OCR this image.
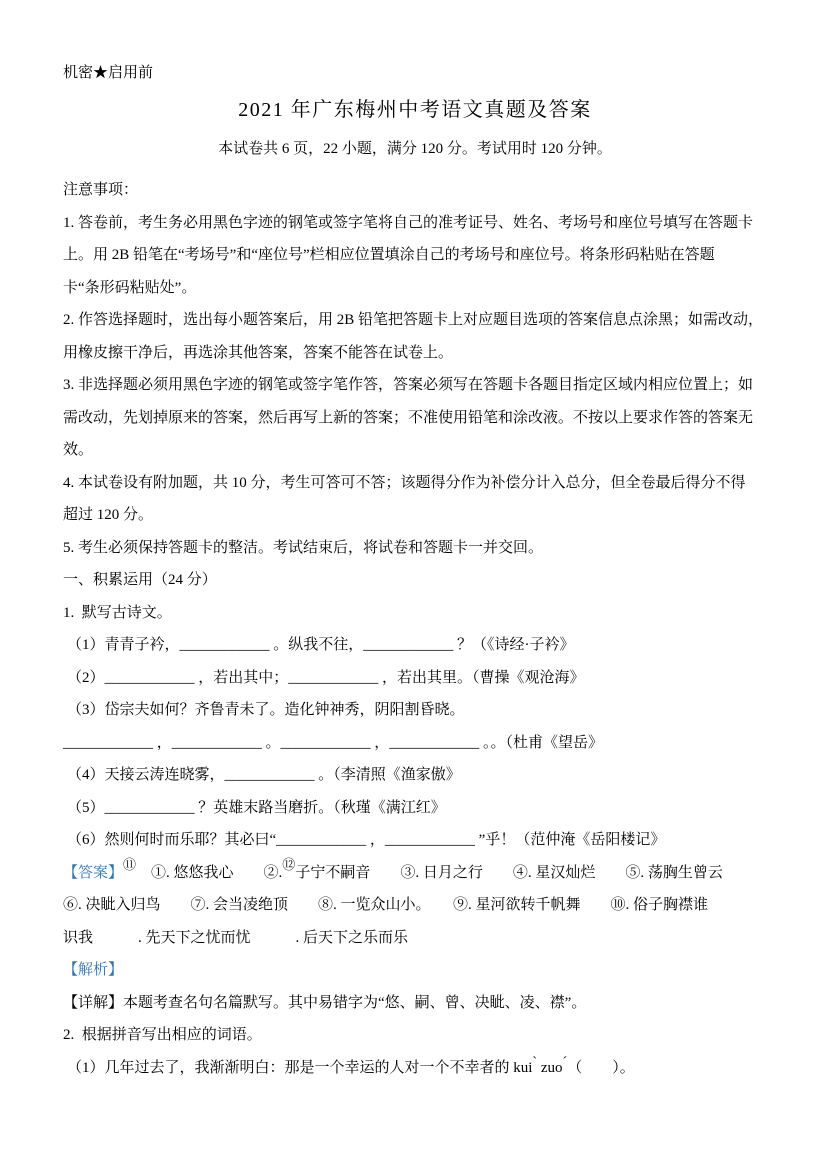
机密★启用前
2021 年广东梅州中考语文真题及答案
本试卷共 6 页，22 小题，满分 120 分。考试用时 120 分钟。
注意事项：
1. 答卷前，考生务必用黑色字迹的钢笔或签字笔将自己的准考证号、姓名、考场号和座位号填写在答题卡
上。用 2B 铅笔在“考场号”和“座位号”栏相应位置填涂自己的考场号和座位号。将条形码粘贴在答题
卡“条形码粘贴处”。
2. 作答选择题时，选出每小题答案后，用 2B 铅笔把答题卡上对应题目选项的答案信息点涂黑；如需改动，
用橡皮擦干净后，再选涂其他答案，答案不能答在试卷上。
3. 非选择题必须用黑色字迹的钢笔或签字笔作答，答案必须写在答题卡各题目指定区域内相应位置上；如
需改动，先划掉原来的答案，然后再写上新的答案；不准使用铅笔和涂改液。不按以上要求作答的答案无
效。
4. 本试卷设有附加题，共 10 分，考生可答可不答；该题得分作为补偿分计入总分，但全卷最后得分不得
超过 120 分。
5. 考生必须保持答题卡的整洁。考试结束后，将试卷和答题卡一并交回。
一、积累运用（24 分）
1.  默写古诗文。
（1）青青子衿，____________ 。纵我不往，____________ ？（《诗经·子衿》
（2）____________ ，若出其中；____________ ，若出其里。（曹操《观沧海》
（3）岱宗夫如何？齐鲁青未了。造化钟神秀，阴阳割昏晓。
____________ ，____________ 。____________ ，____________ 。。（杜甫《望岳》
（4）天接云涛连晓雾，____________ 。（李清照《渔家傲》
（5）____________ ？英雄末路当磨折。（秋瑾《满江红》
（6）然则何时而乐耶？其必曰“____________ ，____________ ”乎！（范仲淹《岳阳楼记》
【答案】⑪　①. 悠悠我心　　②.⑫子宁不嗣音　　③. 日月之行　　④. 星汉灿烂　　⑤. 荡胸生曾云
⑥. 决眦入归鸟　　⑦. 会当凌绝顶　　⑧. 一览众山小。　　⑨. 星河欲转千帆舞　　⑩. 俗子胸襟谁
识我　　　. 先天下之忧而忧　　　. 后天下之乐而乐
【解析】
【详解】本题考查名句名篇默写。其中易错字为“悠、嗣、曾、决眦、凌、襟”。
2.  根据拼音写出相应的词语。
（1）几年过去了，我渐渐明白：那是一个幸运的人对一个不幸者的 kuiˋ zuoˊ（　　）。
